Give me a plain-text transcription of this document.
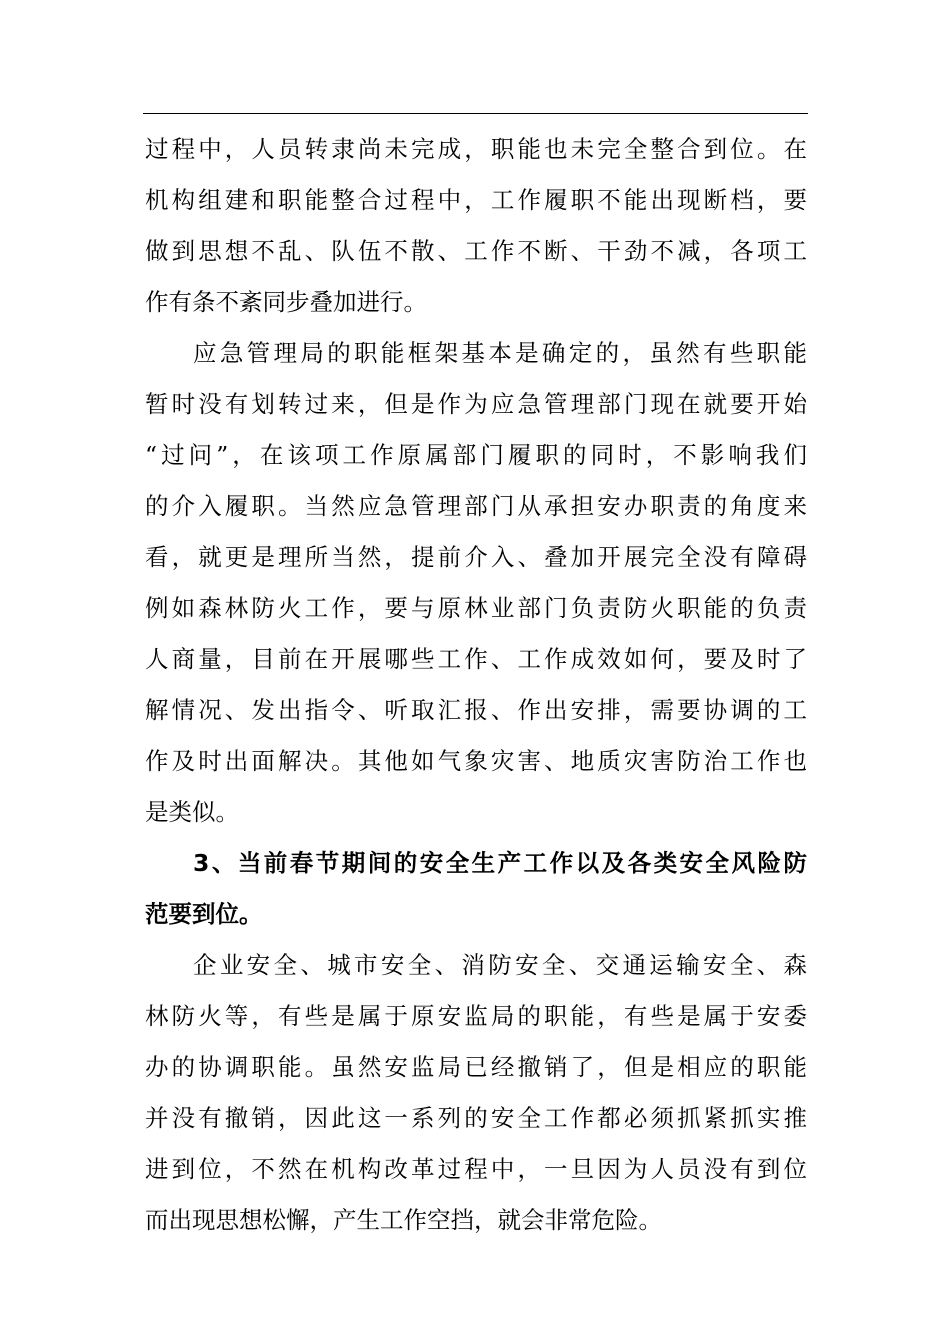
过程中，人员转隶尚未完成，职能也未完全整合到位。在
机构组建和职能整合过程中，工作履职不能出现断档，要
做到思想不乱、队伍不散、工作不断、干劲不减，各项工
作有条不紊同步叠加进行。
应急管理局的职能框架基本是确定的，虽然有些职能
暂时没有划转过来，但是作为应急管理部门现在就要开始
“过问”，在该项工作原属部门履职的同时，不影响我们
的介入履职。当然应急管理部门从承担安办职责的角度来
看，就更是理所当然，提前介入、叠加开展完全没有障碍
例如森林防火工作，要与原林业部门负责防火职能的负责
人商量，目前在开展哪些工作、工作成效如何，要及时了
解情况、发出指令、听取汇报、作出安排，需要协调的工
作及时出面解决。其他如气象灾害、地质灾害防治工作也
是类似。
3、当前春节期间的安全生产工作以及各类安全风险防
范要到位。
企业安全、城市安全、消防安全、交通运输安全、森
林防火等，有些是属于原安监局的职能，有些是属于安委
办的协调职能。虽然安监局已经撤销了，但是相应的职能
并没有撤销，因此这一系列的安全工作都必须抓紧抓实推
进到位，不然在机构改革过程中，一旦因为人员没有到位
而出现思想松懈，产生工作空挡，就会非常危险。
